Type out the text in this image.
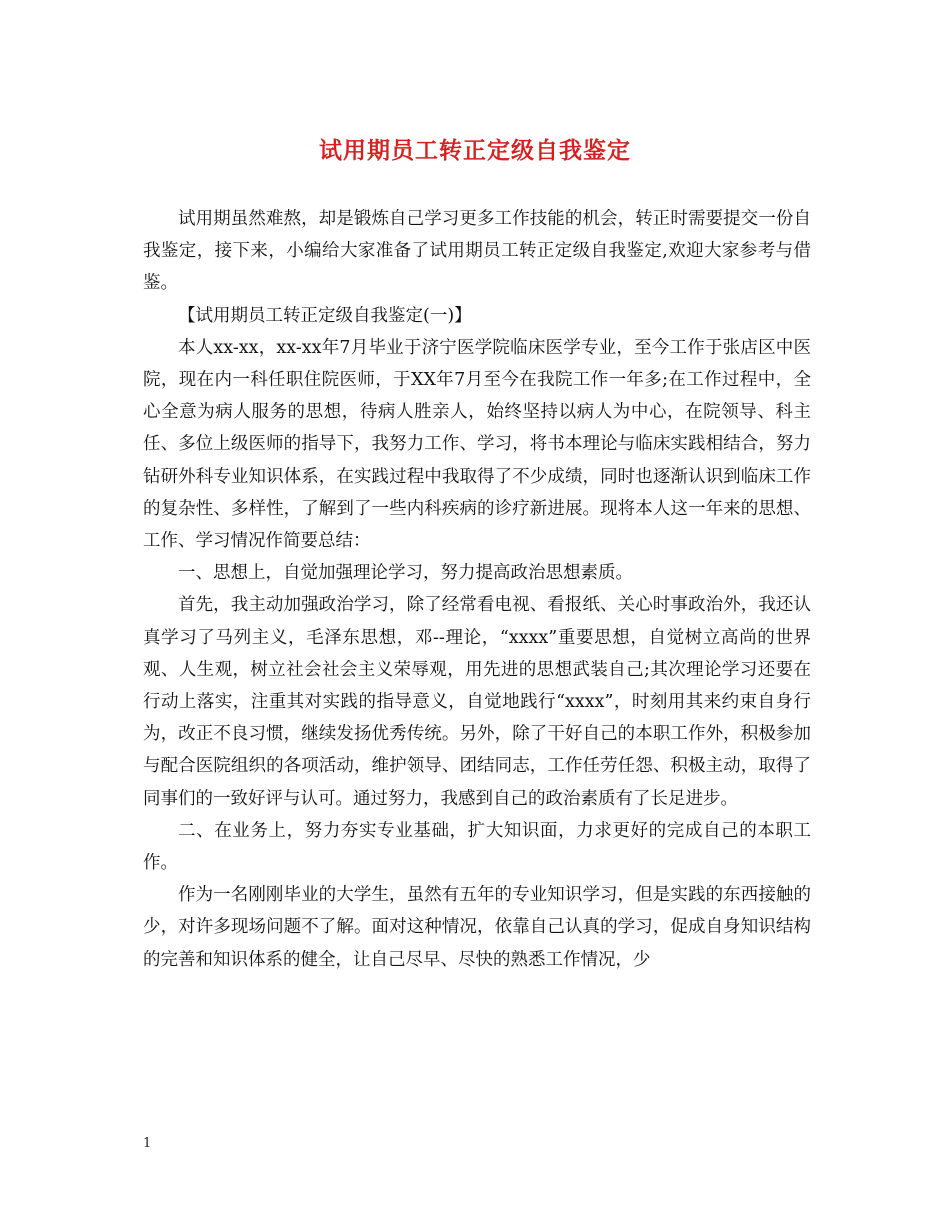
试用期员工转正定级自我鉴定

试用期虽然难熬，却是锻炼自己学习更多工作技能的机会，转正时需要提交一份自我鉴定，接下来，小编给大家准备了试用期员工转正定级自我鉴定,欢迎大家参考与借鉴。

【试用期员工转正定级自我鉴定(一)】

本人xx-xx，xx-xx年7月毕业于济宁医学院临床医学专业，至今工作于张店区中医院，现在内一科任职住院医师，于XX年7月至今在我院工作一年多;在工作过程中，全心全意为病人服务的思想，待病人胜亲人，始终坚持以病人为中心，在院领导、科主任、多位上级医师的指导下，我努力工作、学习，将书本理论与临床实践相结合，努力钻研外科专业知识体系，在实践过程中我取得了不少成绩，同时也逐渐认识到临床工作的复杂性、多样性，了解到了一些内科疾病的诊疗新进展。现将本人这一年来的思想、工作、学习情况作简要总结：

一、思想上，自觉加强理论学习，努力提高政治思想素质。

首先，我主动加强政治学习，除了经常看电视、看报纸、关心时事政治外，我还认真学习了马列主义，毛泽东思想，邓--理论，“xxxx”重要思想，自觉树立高尚的世界观、人生观，树立社会社会主义荣辱观，用先进的思想武装自己;其次理论学习还要在行动上落实，注重其对实践的指导意义，自觉地践行“xxxx”，时刻用其来约束自身行为，改正不良习惯，继续发扬优秀传统。另外，除了干好自己的本职工作外，积极参加与配合医院组织的各项活动，维护领导、团结同志，工作任劳任怨、积极主动，取得了同事们的一致好评与认可。通过努力，我感到自己的政治素质有了长足进步。

二、在业务上，努力夯实专业基础，扩大知识面，力求更好的完成自己的本职工作。

作为一名刚刚毕业的大学生，虽然有五年的专业知识学习，但是实践的东西接触的少，对许多现场问题不了解。面对这种情况，依靠自己认真的学习，促成自身知识结构的完善和知识体系的健全，让自己尽早、尽快的熟悉工作情况，少

1
